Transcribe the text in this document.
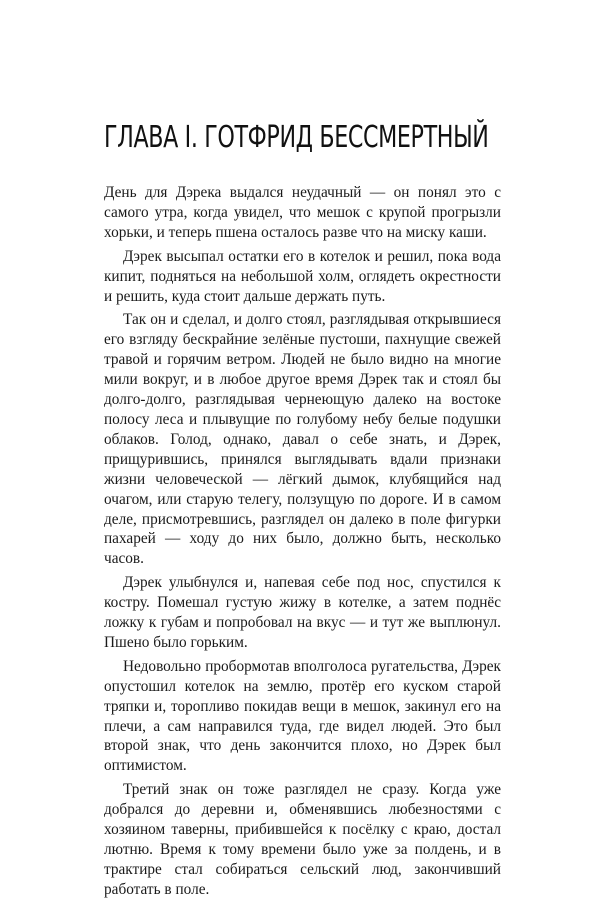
ГЛАВА I. ГОТФРИД БЕССМЕРТНЫЙ

День для Дэрека выдался неудачный — он понял это с самого утра, когда увидел, что мешок с крупой прогрызли хорьки, и теперь пшена осталось разве что на миску каши.

Дэрек высыпал остатки его в котелок и решил, пока вода кипит, подняться на небольшой холм, оглядеть окрестности и решить, куда стоит дальше держать путь.

Так он и сделал, и долго стоял, разглядывая открывшиеся его взгляду бескрайние зелёные пустоши, пахнущие свежей травой и горячим ветром. Людей не было видно на многие мили вокруг, и в любое другое время Дэрек так и стоял бы долго-долго, разглядывая чернеющую далеко на востоке полосу леса и плывущие по голубому небу белые подушки облаков. Голод, однако, давал о себе знать, и Дэрек, прищурившись, принялся выглядывать вдали признаки жизни человеческой — лёгкий дымок, клубящийся над очагом, или старую телегу, ползущую по дороге. И в самом деле, присмотревшись, разглядел он далеко в поле фигурки пахарей — ходу до них было, должно быть, несколько часов.

Дэрек улыбнулся и, напевая себе под нос, спустился к костру. Помешал густую жижу в котелке, а затем поднёс ложку к губам и попробовал на вкус — и тут же выплюнул. Пшено было горьким.

Недовольно пробормотав вполголоса ругательства, Дэрек опустошил котелок на землю, протёр его куском старой тряпки и, торопливо покидав вещи в мешок, закинул его на плечи, а сам направился туда, где видел людей. Это был второй знак, что день закончится плохо, но Дэрек был оптимистом.

Третий знак он тоже разглядел не сразу. Когда уже добрался до деревни и, обменявшись любезностями с хозяином таверны, прибившейся к посёлку с краю, достал лютню. Время к тому времени было уже за полдень, и в трактире стал собираться сельский люд, закончивший работать в поле.
